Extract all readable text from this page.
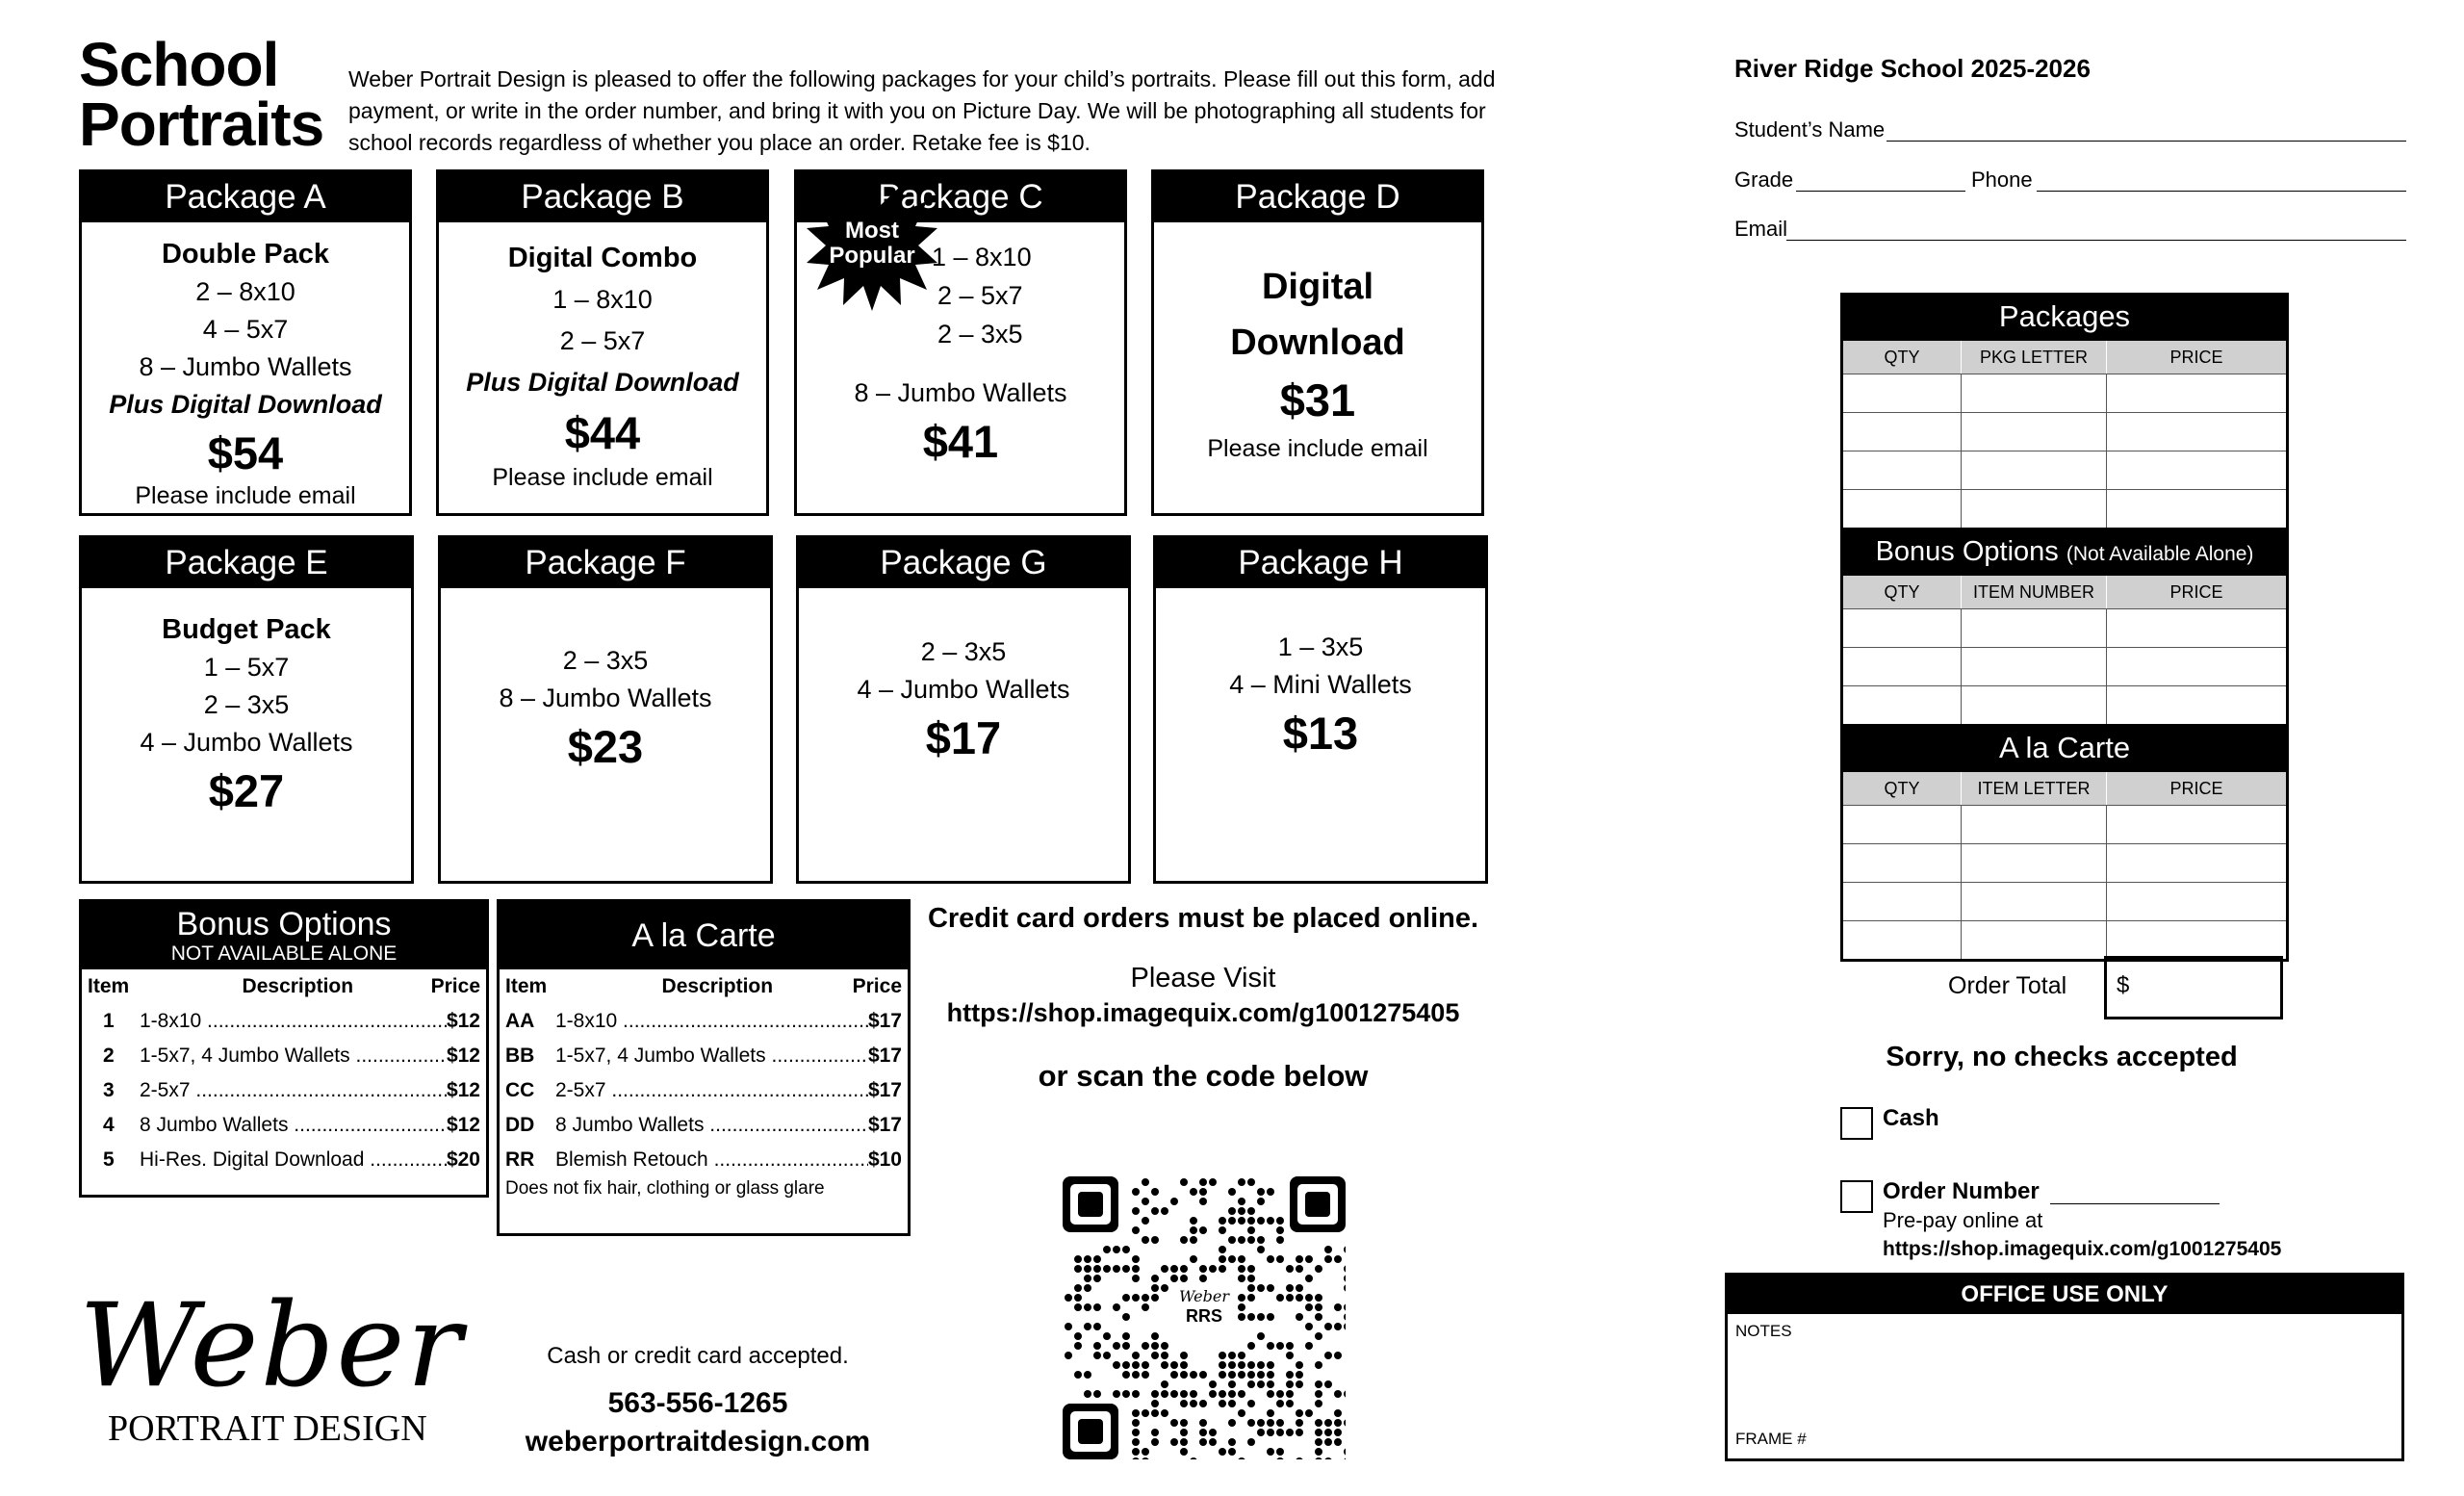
School
Portraits
Weber Portrait Design is pleased to offer the following packages for your child’s portraits. Please fill out this form, add payment, or write in the order number, and bring it with you on Picture Day. We will be photographing all students for school records regardless of whether you place an order. Retake fee is $10.
Package A
Double Pack
2 – 8x10
4 – 5x7
8 – Jumbo Wallets
Plus Digital Download
$54
Please include email
Package B
Digital Combo
1 – 8x10
2 – 5x7
Plus Digital Download
$44
Please include email
Package C
Most
Popular 1 – 8x10
2 – 5x7
2 – 3x5
8 – Jumbo Wallets
$41
Package D
Digital
Download
$31
Please include email
Package E
Budget Pack
1 – 5x7
2 – 3x5
4 – Jumbo Wallets
$27
Package F
2 – 3x5
8 – Jumbo Wallets
$23
Package G
2 – 3x5
4 – Jumbo Wallets
$17
Package H
1 – 3x5
4 – Mini Wallets
$13
Bonus Options
NOT AVAILABLE ALONE
Item	Description	Price
1	1-8x10 .....	$12
2	1-5x7, 4 Jumbo Wallets .....	$12
3	2-5x7 .....	$12
4	8 Jumbo Wallets .....	$12
5	Hi-Res. Digital Download .....	$20
A la Carte
Item	Description	Price
AA	1-8x10 .....	$17
BB	1-5x7, 4 Jumbo Wallets .....	$17
CC	2-5x7 .....	$17
DD	8 Jumbo Wallets .....	$17
RR	Blemish Retouch .....	$10
Does not fix hair, clothing or glass glare
Credit card orders must be placed online.
Please Visit
https://shop.imagequix.com/g1001275405
or scan the code below
Weber
RRS
Weber
PORTRAIT DESIGN
Cash or credit card accepted.
563-556-1265
weberportraitdesign.com
River Ridge School 2025-2026
Student’s Name
Grade	Phone
Email
Packages
QTY	PKG LETTER	PRICE
Bonus Options (Not Available Alone)
QTY	ITEM NUMBER	PRICE
A la Carte
QTY	ITEM LETTER	PRICE
Order Total	$
Sorry, no checks accepted
Cash
Order Number
Pre-pay online at
https://shop.imagequix.com/g1001275405
OFFICE USE ONLY
NOTES
FRAME #
